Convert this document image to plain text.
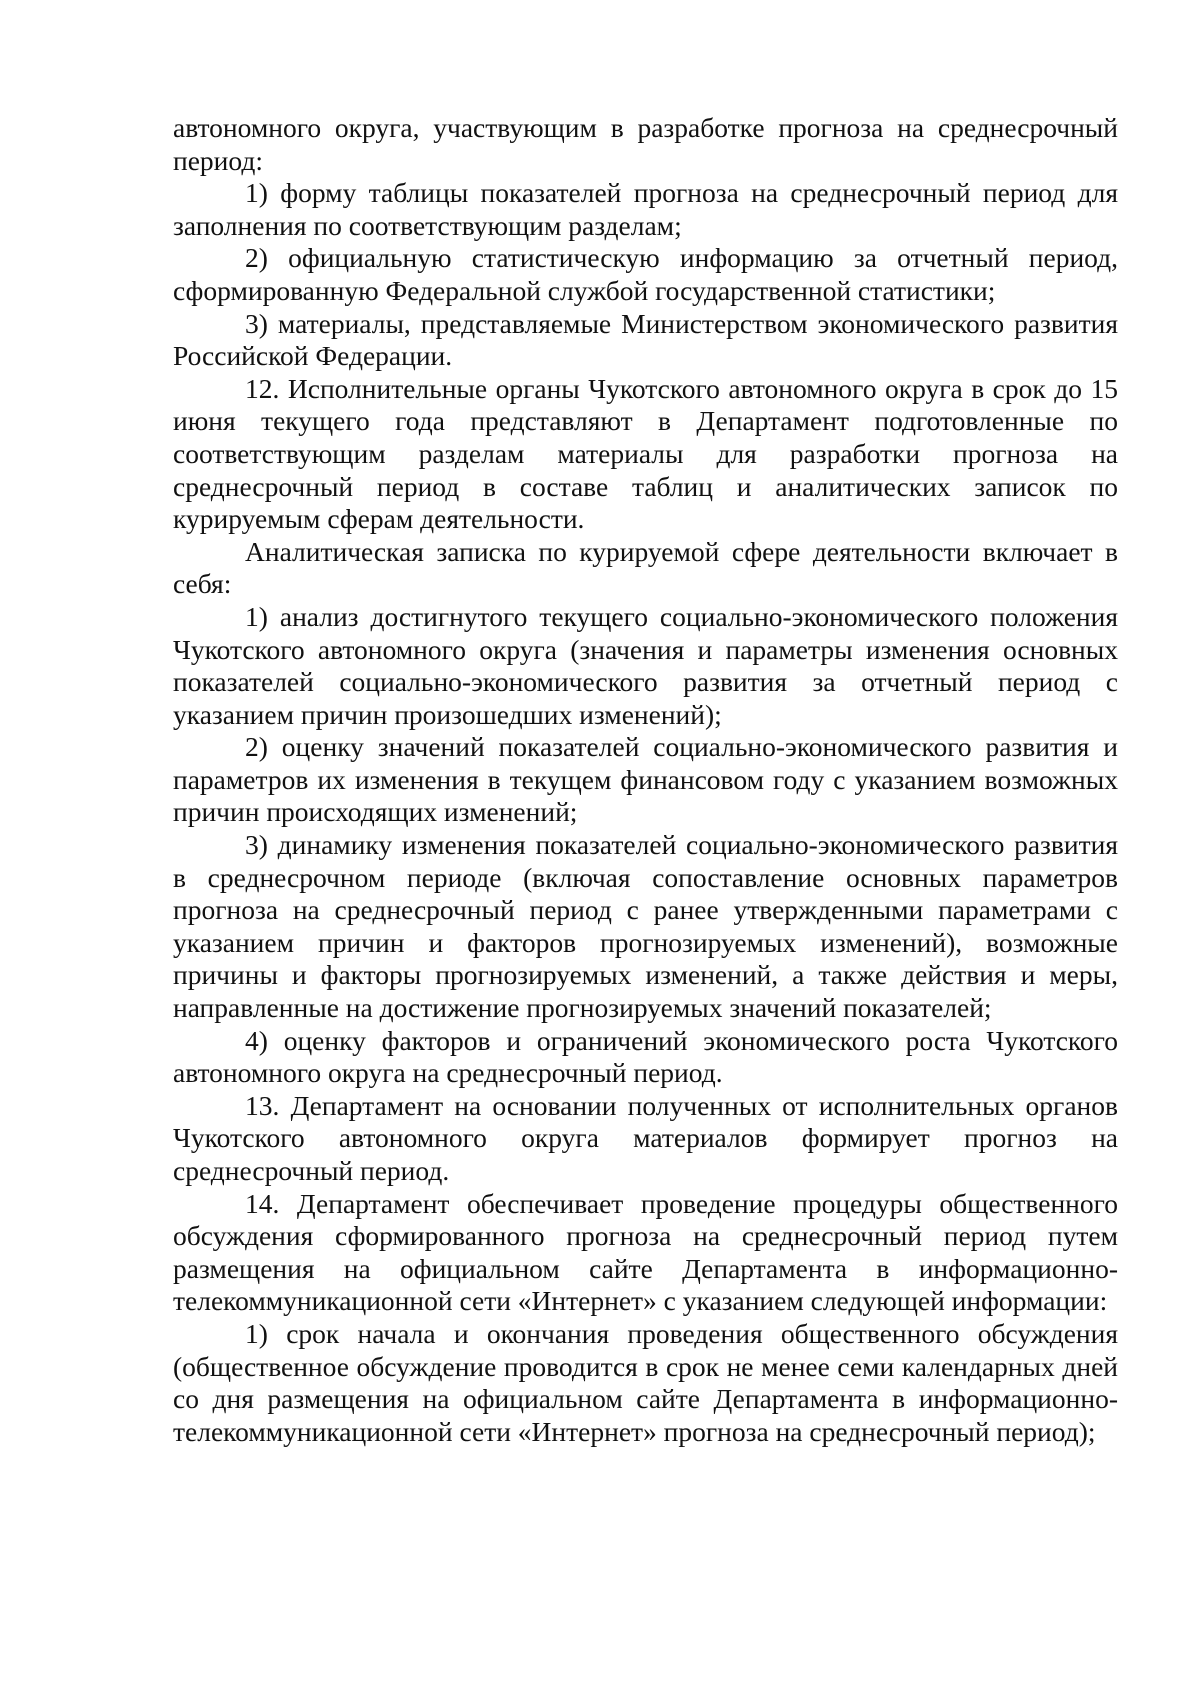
автономного округа, участвующим в разработке прогноза на среднесрочный период:

1) форму таблицы показателей прогноза на среднесрочный период для заполнения по соответствующим разделам;

2) официальную статистическую информацию за отчетный период, сформированную Федеральной службой государственной статистики;

3) материалы, представляемые Министерством экономического развития Российской Федерации.

12. Исполнительные органы Чукотского автономного округа в срок до 15 июня текущего года представляют в Департамент подготовленные по соответствующим разделам материалы для разработки прогноза на среднесрочный период в составе таблиц и аналитических записок по курируемым сферам деятельности.

Аналитическая записка по курируемой сфере деятельности включает в себя:

1) анализ достигнутого текущего социально-экономического положения Чукотского автономного округа (значения и параметры изменения основных показателей социально-экономического развития за отчетный период с указанием причин произошедших изменений);

2) оценку значений показателей социально-экономического развития и параметров их изменения в текущем финансовом году с указанием возможных причин происходящих изменений;

3) динамику изменения показателей социально-экономического развития в среднесрочном периоде (включая сопоставление основных параметров прогноза на среднесрочный период с ранее утвержденными параметрами с указанием причин и факторов прогнозируемых изменений), возможные причины и факторы прогнозируемых изменений, а также действия и меры, направленные на достижение прогнозируемых значений показателей;

4) оценку факторов и ограничений экономического роста Чукотского автономного округа на среднесрочный период.

13. Департамент на основании полученных от исполнительных органов Чукотского автономного округа материалов формирует прогноз на среднесрочный период.

14. Департамент обеспечивает проведение процедуры общественного обсуждения сформированного прогноза на среднесрочный период путем размещения на официальном сайте Департамента в информационно-телекоммуникационной сети «Интернет» с указанием следующей информации:

1) срок начала и окончания проведения общественного обсуждения (общественное обсуждение проводится в срок не менее семи календарных дней со дня размещения на официальном сайте Департамента в информационно-телекоммуникационной сети «Интернет» прогноза на среднесрочный период);
